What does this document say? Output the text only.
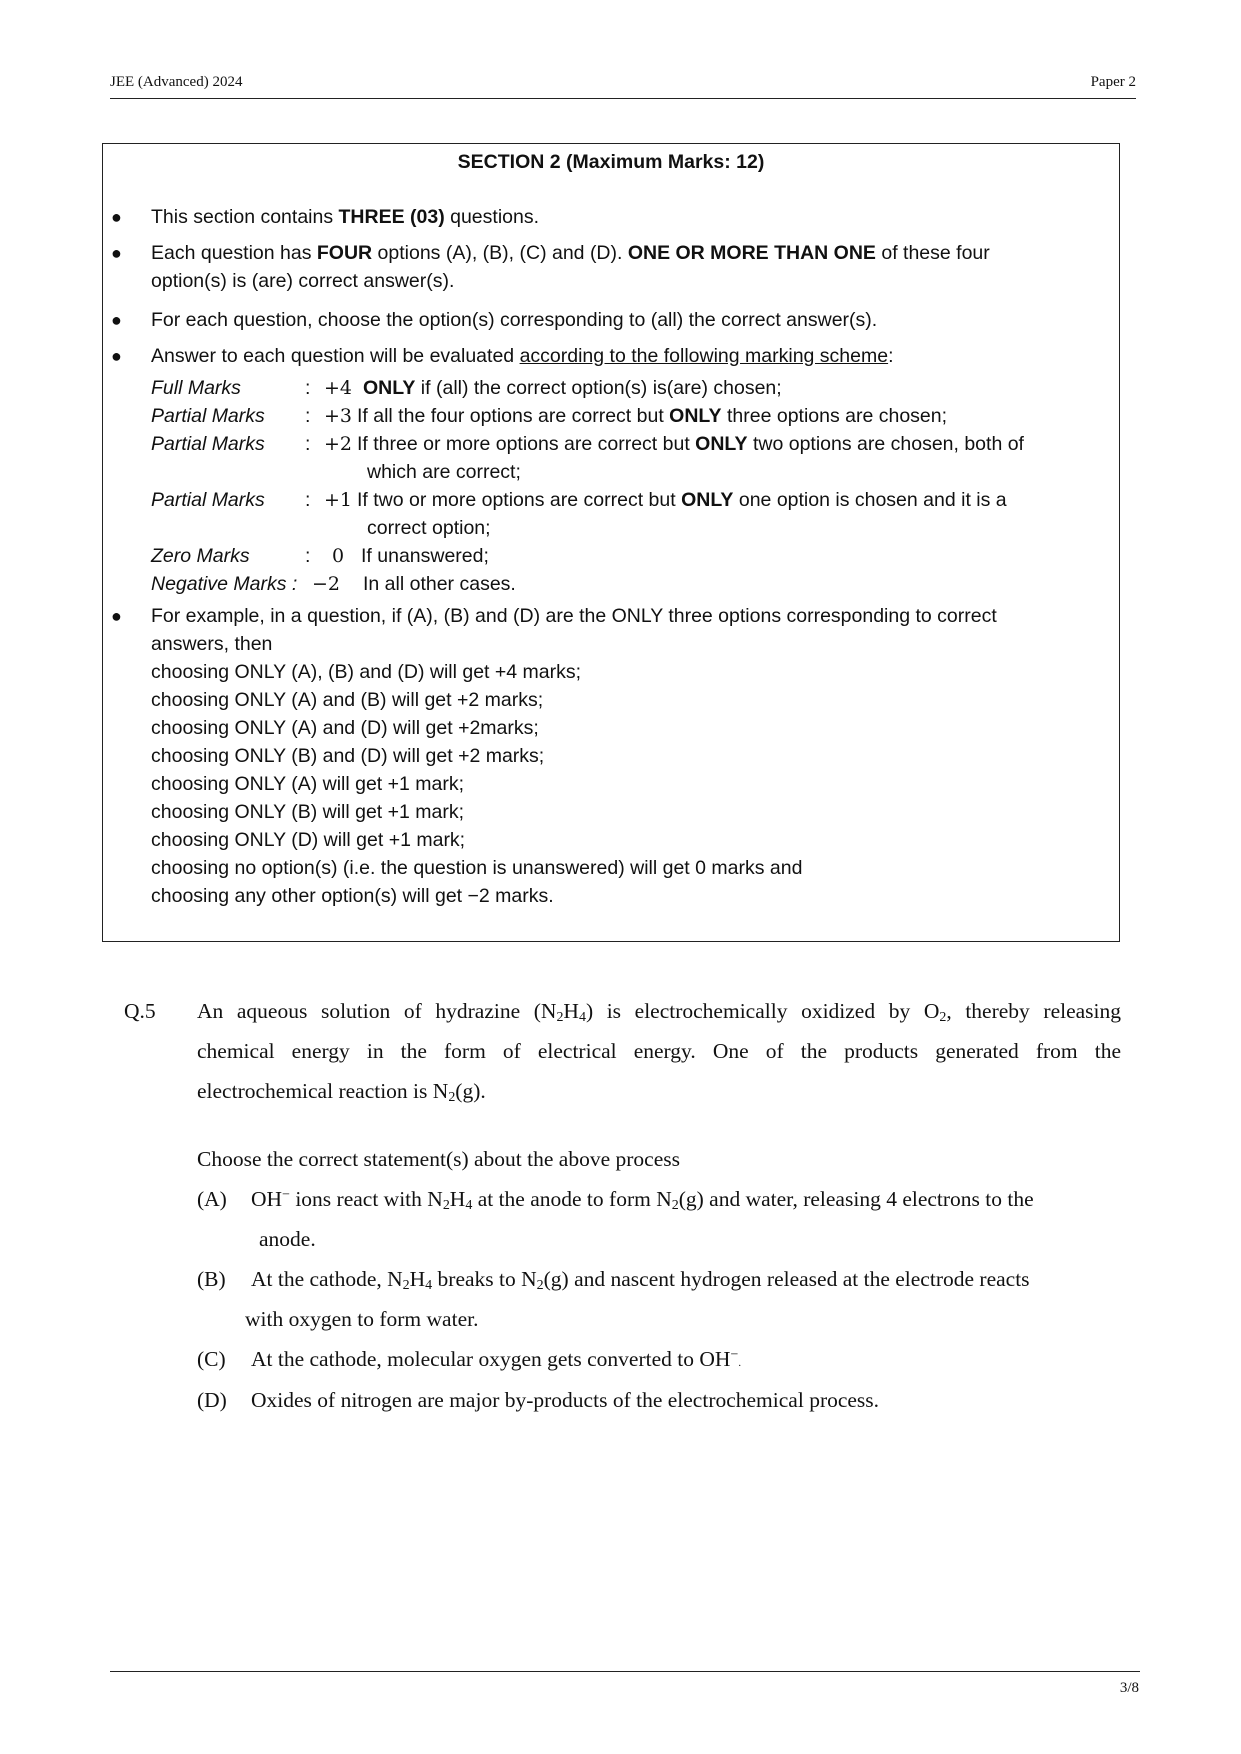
JEE (Advanced) 2024	Paper 2
SECTION 2 (Maximum Marks: 12)
● This section contains THREE (03) questions.
● Each question has FOUR options (A), (B), (C) and (D). ONE OR MORE THAN ONE of these four
option(s) is (are) correct answer(s).
● For each question, choose the option(s) corresponding to (all) the correct answer(s).
● Answer to each question will be evaluated according to the following marking scheme:
Full Marks	: +4 ONLY if (all) the correct option(s) is(are) chosen;
Partial Marks : +3 If all the four options are correct but ONLY three options are chosen;
Partial Marks : +2 If three or more options are correct but ONLY two options are chosen, both of
which are correct;
Partial Marks : +1 If two or more options are correct but ONLY one option is chosen and it is a
correct option;
Zero Marks	: 0 If unanswered;
Negative Marks : −2 In all other cases.
● For example, in a question, if (A), (B) and (D) are the ONLY three options corresponding to correct
answers, then
choosing ONLY (A), (B) and (D) will get +4 marks;
choosing ONLY (A) and (B) will get +2 marks;
choosing ONLY (A) and (D) will get +2marks;
choosing ONLY (B) and (D) will get +2 marks;
choosing ONLY (A) will get +1 mark;
choosing ONLY (B) will get +1 mark;
choosing ONLY (D) will get +1 mark;
choosing no option(s) (i.e. the question is unanswered) will get 0 marks and
choosing any other option(s) will get −2 marks.
Q.5 An aqueous solution of hydrazine $(N_2H_4)$ is electrochemically oxidized by $O_2$, thereby releasing
chemical energy in the form of electrical energy. One of the products generated from the
electrochemical reaction is $N_2(g)$.
Choose the correct statement(s) about the above process
(A) OH− ions react with $N_2H_4$ at the anode to form $N_2(g)$ and water, releasing 4 electrons to the
anode.
(B) At the cathode, $N_2H_4$ breaks to $N_2(g)$ and nascent hydrogen released at the electrode reacts
with oxygen to form water.
(C) At the cathode, molecular oxygen gets converted to OH−.
(D) Oxides of nitrogen are major by-products of the electrochemical process.
3/8
